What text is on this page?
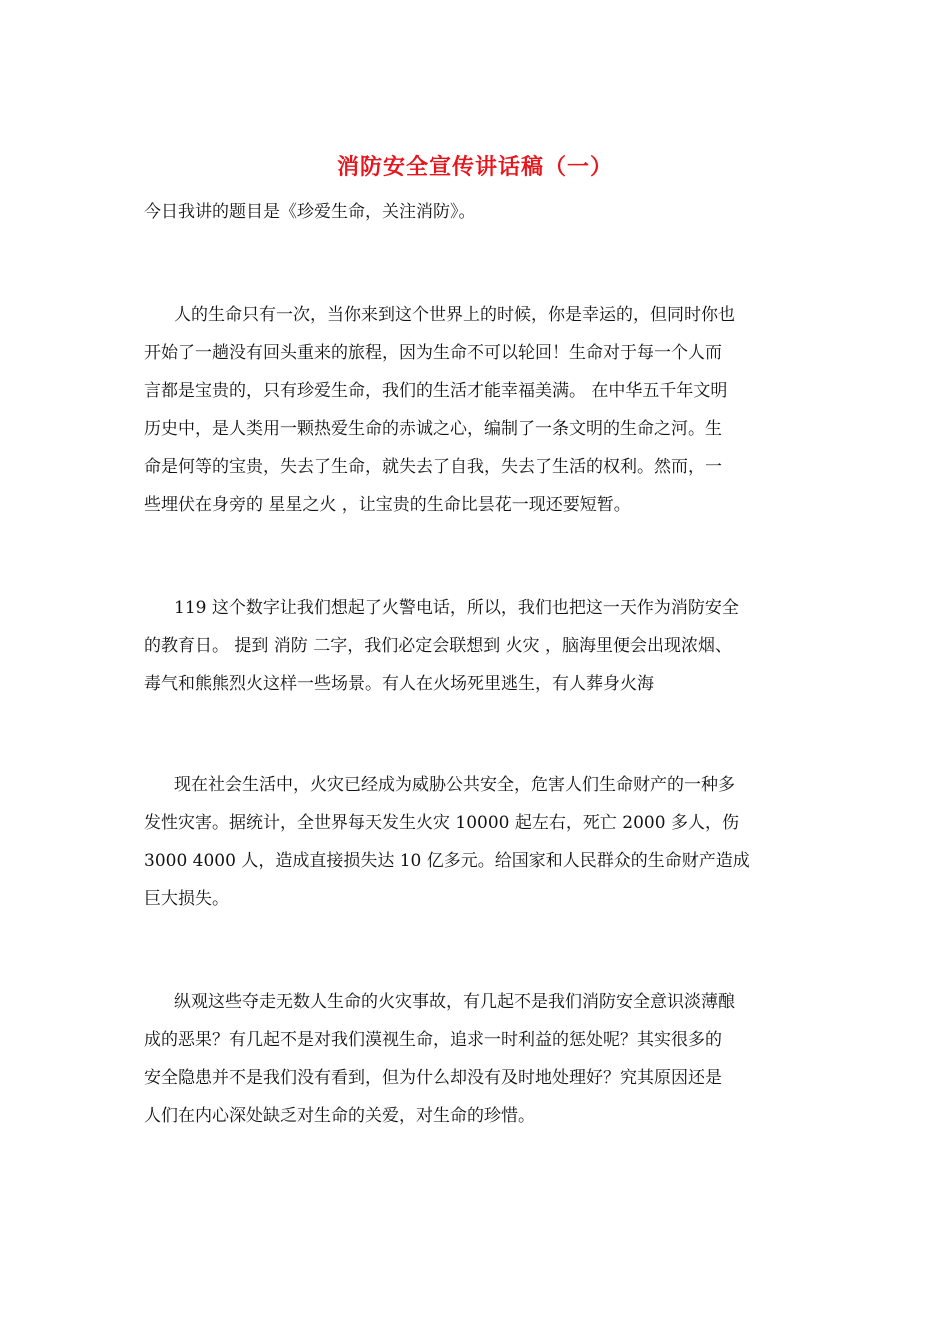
消防安全宣传讲话稿（一）
今日我讲的题目是《珍爱生命，关注消防》。
人的生命只有一次，当你来到这个世界上的时候，你是幸运的，但同时你也
开始了一趟没有回头重来的旅程，因为生命不可以轮回！生命对于每一个人而
言都是宝贵的，只有珍爱生命，我们的生活才能幸福美满。 在中华五千年文明
历史中，是人类用一颗热爱生命的赤诚之心，编制了一条文明的生命之河。生
命是何等的宝贵，失去了生命，就失去了自我，失去了生活的权利。然而，一
些埋伏在身旁的 星星之火 ，让宝贵的生命比昙花一现还要短暂。
119 这个数字让我们想起了火警电话，所以，我们也把这一天作为消防安全
的教育日。 提到 消防 二字，我们必定会联想到 火灾 ，脑海里便会出现浓烟、
毒气和熊熊烈火这样一些场景。有人在火场死里逃生，有人葬身火海
现在社会生活中，火灾已经成为威胁公共安全，危害人们生命财产的一种多
发性灾害。据统计，全世界每天发生火灾 10000 起左右，死亡 2000 多人，伤
3000 4000 人，造成直接损失达 10 亿多元。给国家和人民群众的生命财产造成
巨大损失。
纵观这些夺走无数人生命的火灾事故，有几起不是我们消防安全意识淡薄酿
成的恶果？有几起不是对我们漠视生命，追求一时利益的惩处呢？其实很多的
安全隐患并不是我们没有看到，但为什么却没有及时地处理好？究其原因还是
人们在内心深处缺乏对生命的关爱，对生命的珍惜。
